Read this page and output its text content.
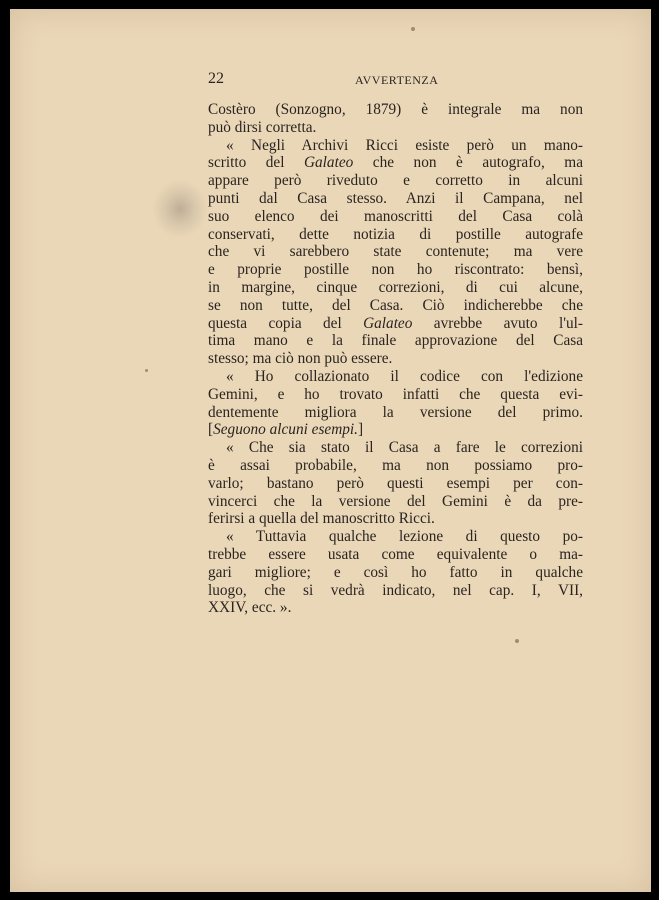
22	AVVERTENZA
Costèro (Sonzogno, 1879) è integrale ma non
può dirsi corretta.
« Negli Archivi Ricci esiste però un mano-
scritto del Galateo che non è autografo, ma
appare però riveduto e corretto in alcuni
punti dal Casa stesso. Anzi il Campana, nel
suo elenco dei manoscritti del Casa colà
conservati, dette notizia di postille autografe
che vi sarebbero state contenute; ma vere
e proprie postille non ho riscontrato: bensì,
in margine, cinque correzioni, di cui alcune,
se non tutte, del Casa. Ciò indicherebbe che
questa copia del Galateo avrebbe avuto l'ul-
tima mano e la finale approvazione del Casa
stesso; ma ciò non può essere.
« Ho collazionato il codice con l'edizione
Gemini, e ho trovato infatti che questa evi-
dentemente migliora la versione del primo.
[Seguono alcuni esempi.]
« Che sia stato il Casa a fare le correzioni
è assai probabile, ma non possiamo pro-
varlo; bastano però questi esempi per con-
vincerci che la versione del Gemini è da pre-
ferirsi a quella del manoscritto Ricci.
« Tuttavia qualche lezione di questo po-
trebbe essere usata come equivalente o ma-
gari migliore; e così ho fatto in qualche
luogo, che si vedrà indicato, nel cap. I, VII,
XXIV, ecc. ».
